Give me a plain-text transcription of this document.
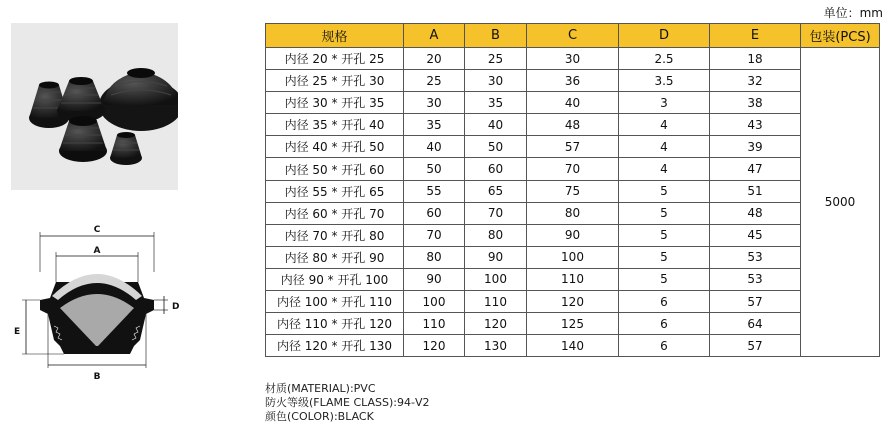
C
A
D
E
B
单位：mm
规格	A	B	C	D	E	包装(PCS)
内径 20 * 开孔 25	20	25	30	2.5	18	5000
内径 25 * 开孔 30	25	30	36	3.5	32	
内径 30 * 开孔 35	30	35	40	3	38	
内径 35 * 开孔 40	35	40	48	4	43	
内径 40 * 开孔 50	40	50	57	4	39	
内径 50 * 开孔 60	50	60	70	4	47	
内径 55 * 开孔 65	55	65	75	5	51	
内径 60 * 开孔 70	60	70	80	5	48	
内径 70 * 开孔 80	70	80	90	5	45	
内径 80 * 开孔 90	80	90	100	5	53	
内径 90 * 开孔 100	90	100	110	5	53	
内径 100 * 开孔 110	100	110	120	6	57	
内径 110 * 开孔 120	110	120	125	6	64	
内径 120 * 开孔 130	120	130	140	6	57	
材质(MATERIAL):PVC
防火等级(FLAME CLASS):94-V2
颜色(COLOR):BLACK
